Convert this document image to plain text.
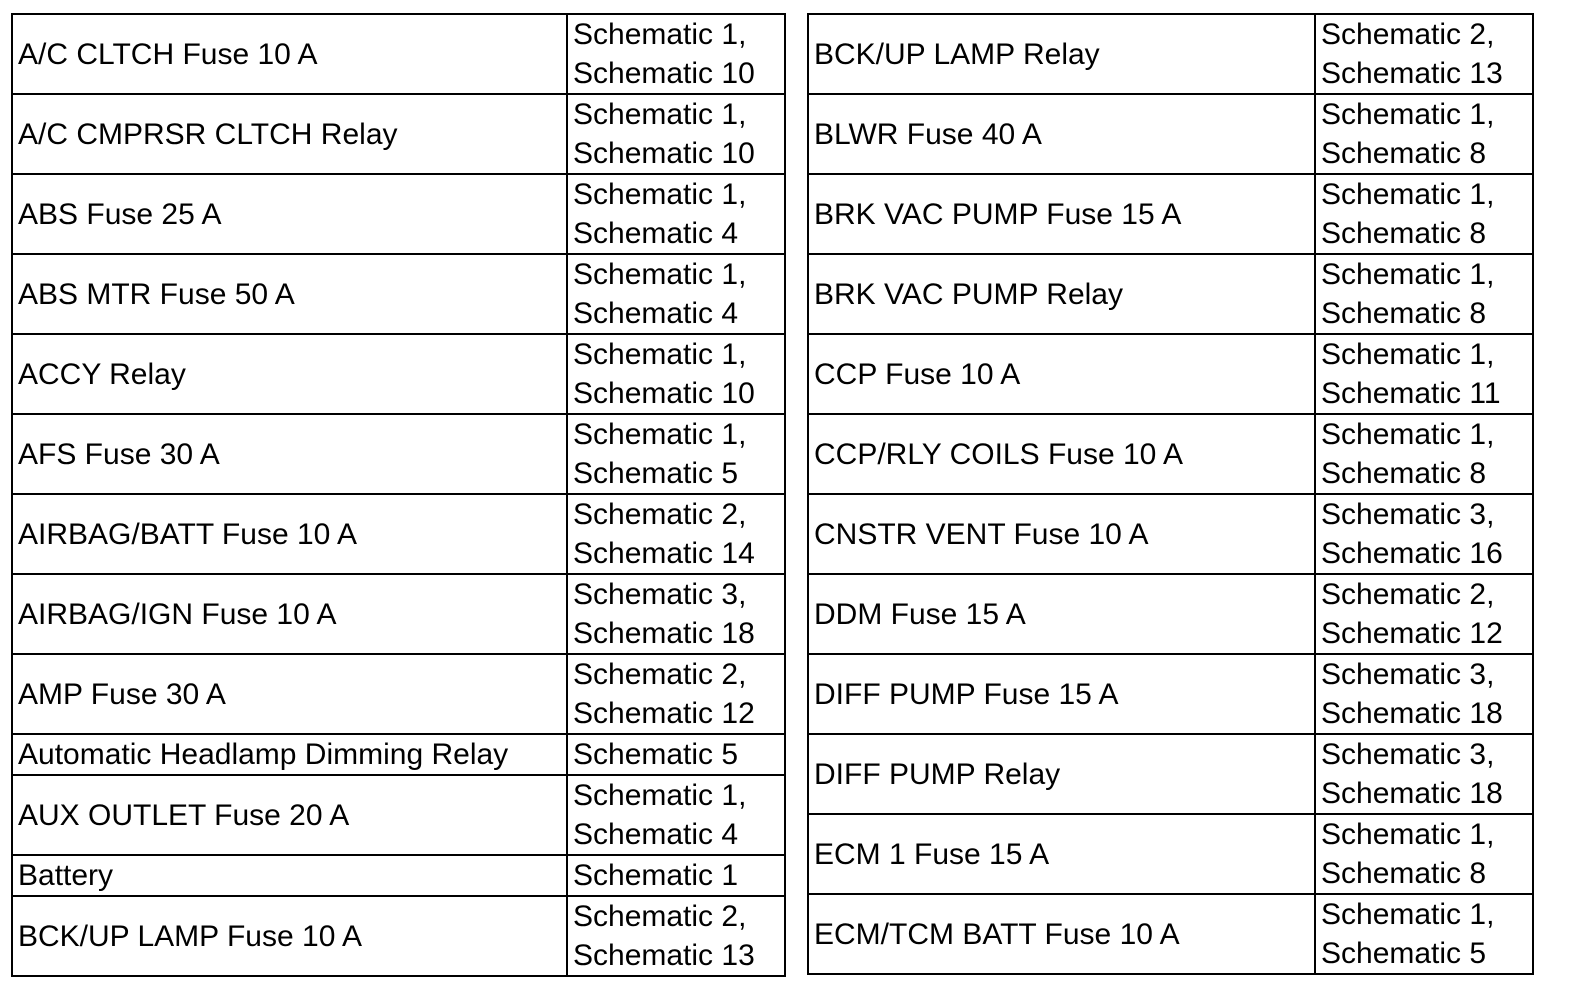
A/C CLTCH Fuse 10 A	Schematic 1,
Schematic 10

A/C CMPRSR CLTCH Relay	Schematic 1,
Schematic 10

ABS Fuse 25 A	Schematic 1,
Schematic 4

ABS MTR Fuse 50 A	Schematic 1,
Schematic 4

ACCY Relay	Schematic 1,
Schematic 10

AFS Fuse 30 A	Schematic 1,
Schematic 5

AIRBAG/BATT Fuse 10 A	Schematic 2,
Schematic 14

AIRBAG/IGN Fuse 10 A	Schematic 3,
Schematic 18

AMP Fuse 30 A	Schematic 2,
Schematic 12

Automatic Headlamp Dimming Relay	Schematic 5

AUX OUTLET Fuse 20 A	Schematic 1,
Schematic 4

Battery	Schematic 1

BCK/UP LAMP Fuse 10 A	Schematic 2,
Schematic 13
BCK/UP LAMP Relay	Schematic 2,
Schematic 13

BLWR Fuse 40 A	Schematic 1,
Schematic 8

BRK VAC PUMP Fuse 15 A	Schematic 1,
Schematic 8

BRK VAC PUMP Relay	Schematic 1,
Schematic 8

CCP Fuse 10 A	Schematic 1,
Schematic 11

CCP/RLY COILS Fuse 10 A	Schematic 1,
Schematic 8

CNSTR VENT Fuse 10 A	Schematic 3,
Schematic 16

DDM Fuse 15 A	Schematic 2,
Schematic 12

DIFF PUMP Fuse 15 A	Schematic 3,
Schematic 18

DIFF PUMP Relay	Schematic 3,
Schematic 18

ECM 1 Fuse 15 A	Schematic 1,
Schematic 8

ECM/TCM BATT Fuse 10 A	Schematic 1,
Schematic 5
